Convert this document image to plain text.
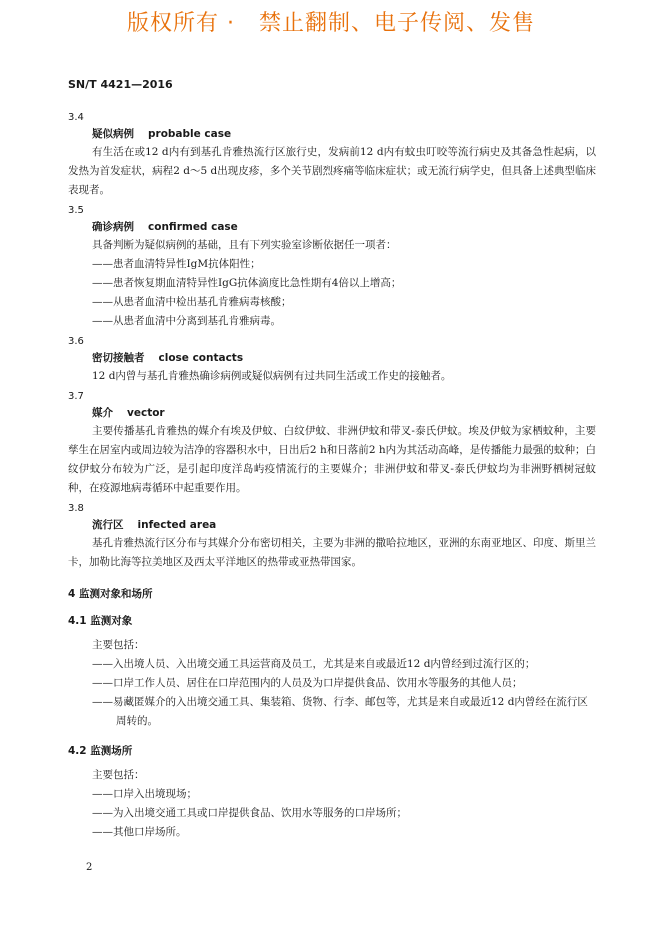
版权所有 ·   禁止翻制、电子传阅、发售
SN/T 4421—2016
3.4
疑似病例 probable case

有生活在或12 d内有到基孔肯雅热流行区旅行史，发病前12 d内有蚊虫叮咬等流行病史及其备急性起病，以发热为首发症状，病程2 d～5 d出现皮疹，多个关节剧烈疼痛等临床症状；或无流行病学史，但具备上述典型临床表现者。

3.5
确诊病例 confirmed case

具备判断为疑似病例的基础，且有下列实验室诊断依据任一项者：

——患者血清特异性IgM抗体阳性；
——患者恢复期血清特异性IgG抗体滴度比急性期有4倍以上增高；
——从患者血清中检出基孔肯雅病毒核酸；
——从患者血清中分离到基孔肯雅病毒。
3.6
密切接触者 close contacts

12 d内曾与基孔肯雅热确诊病例或疑似病例有过共同生活或工作史的接触者。

3.7
媒介 vector

主要传播基孔肯雅热的媒介有埃及伊蚊、白纹伊蚊、非洲伊蚊和带叉-泰氏伊蚊。埃及伊蚊为家栖蚊种，主要孳生在居室内或周边较为洁净的容器积水中，日出后2 h和日落前2 h内为其活动高峰，是传播能力最强的蚊种；白纹伊蚊分布较为广泛，是引起印度洋岛屿疫情流行的主要媒介；非洲伊蚊和带叉-泰氏伊蚊均为非洲野栖树冠蚊种，在疫源地病毒循环中起重要作用。

3.8
流行区 infected area

基孔肯雅热流行区分布与其媒介分布密切相关，主要为非洲的撒哈拉地区，亚洲的东南亚地区、印度、斯里兰卡，加勒比海等拉美地区及西太平洋地区的热带或亚热带国家。

4 监测对象和场所
4.1 监测对象

主要包括：

——入出境人员、入出境交通工具运营商及员工，尤其是来自或最近12 d内曾经到过流行区的；
——口岸工作人员、居住在口岸范围内的人员及为口岸提供食品、饮用水等服务的其他人员；
——易藏匿媒介的入出境交通工具、集装箱、货物、行李、邮包等，尤其是来自或最近12 d内曾经在流行区周转的。
4.2 监测场所

主要包括：

——口岸入出境现场；
——为入出境交通工具或口岸提供食品、饮用水等服务的口岸场所；
——其他口岸场所。
2
